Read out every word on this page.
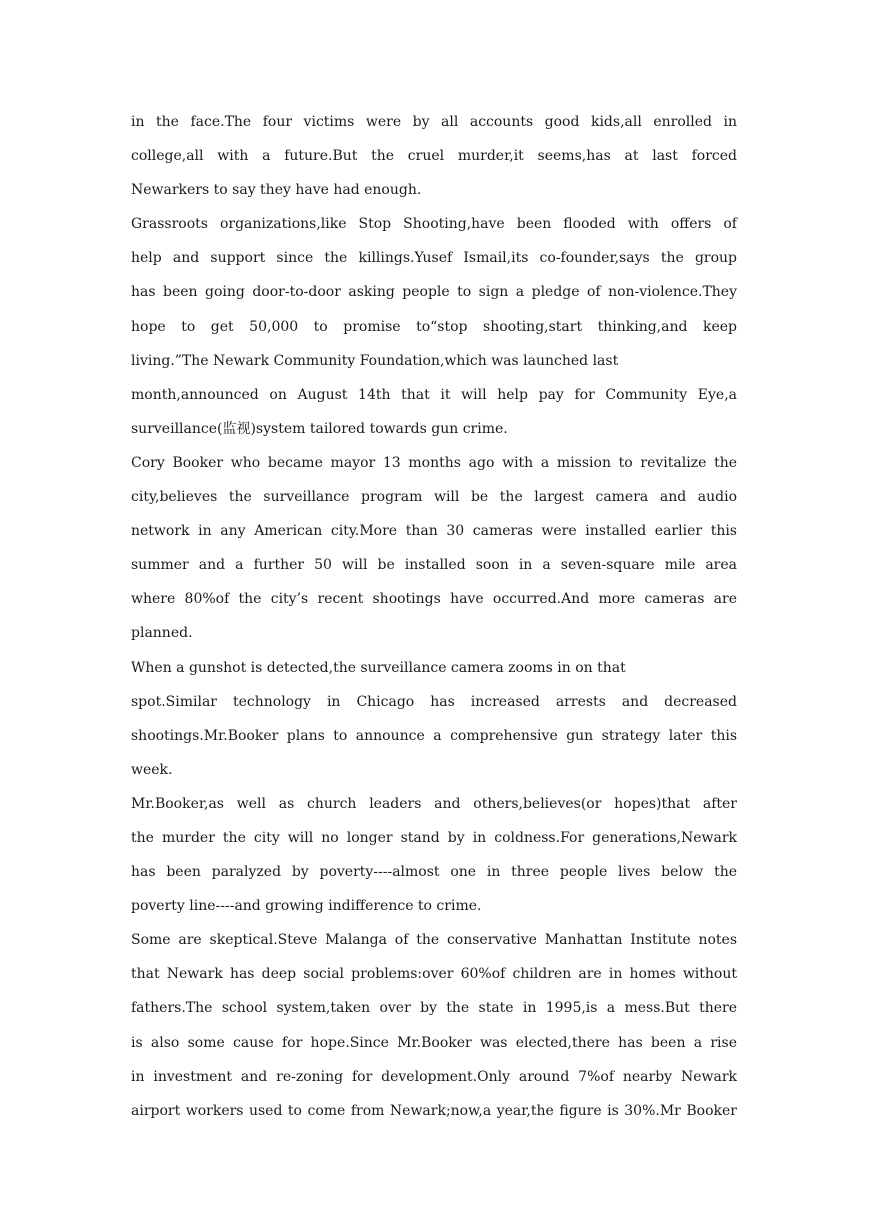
in the face.The four victims were by all accounts good kids,all enrolled in
college,all with a future.But the cruel murder,it seems,has at last forced
Newarkers to say they have had enough.
Grassroots organizations,like Stop Shooting,have been flooded with offers of
help and support since the killings.Yusef Ismail,its co-founder,says the group
has been going door-to-door asking people to sign a pledge of non-violence.They
hope to get 50,000 to promise to“stop shooting,start thinking,and keep
living.”The Newark Community Foundation,which was launched last
month,announced on August 14th that it will help pay for Community Eye,a
surveillance(监视)system tailored towards gun crime.
Cory Booker who became mayor 13 months ago with a mission to revitalize the
city,believes the surveillance program will be the largest camera and audio
network in any American city.More than 30 cameras were installed earlier this
summer and a further 50 will be installed soon in a seven-square mile area
where 80%of the city’s recent shootings have occurred.And more cameras are
planned.
When a gunshot is detected,the surveillance camera zooms in on that
spot.Similar technology in Chicago has increased arrests and decreased
shootings.Mr.Booker plans to announce a comprehensive gun strategy later this
week.
Mr.Booker,as well as church leaders and others,believes(or hopes)that after
the murder the city will no longer stand by in coldness.For generations,Newark
has been paralyzed by poverty----almost one in three people lives below the
poverty line----and growing indifference to crime.
Some are skeptical.Steve Malanga of the conservative Manhattan Institute notes
that Newark has deep social problems:over 60%of children are in homes without
fathers.The school system,taken over by the state in 1995,is a mess.But there
is also some cause for hope.Since Mr.Booker was elected,there has been a rise
in investment and re-zoning for development.Only around 7%of nearby Newark
airport workers used to come from Newark;now,a year,the figure is 30%.Mr Booker
